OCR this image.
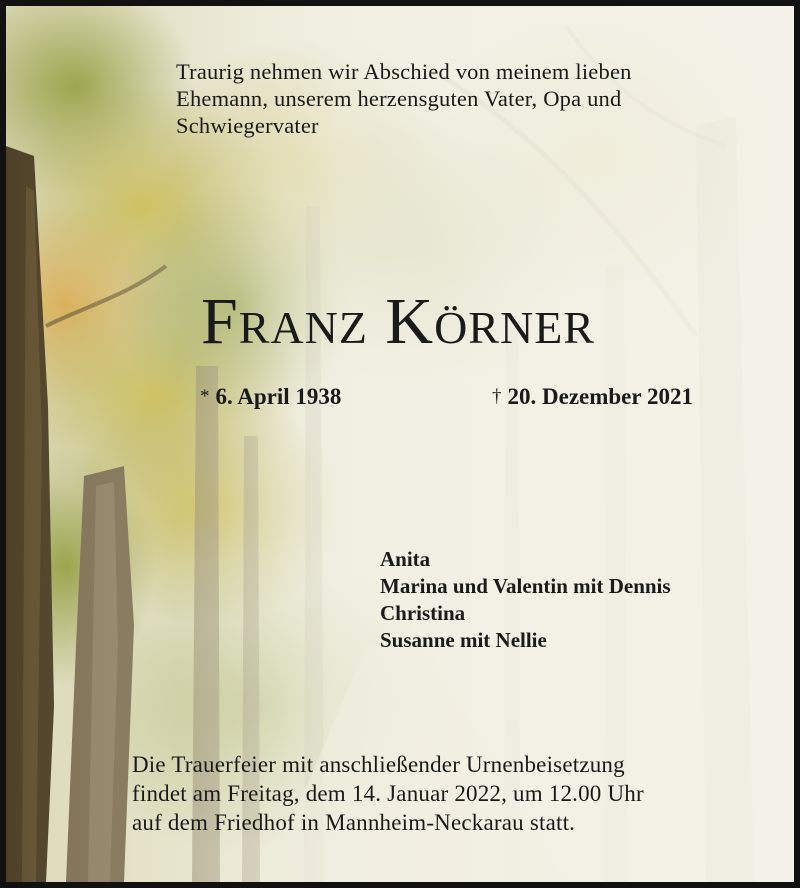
Traurig nehmen wir Abschied von meinem lieben
Ehemann, unserem herzensguten Vater, Opa und
Schwiegervater
Franz Körner
* 6. April 1938	† 20. Dezember 2021
Anita
Marina und Valentin mit Dennis
Christina
Susanne mit Nellie
Die Trauerfeier mit anschließender Urnenbeisetzung
findet am Freitag, dem 14. Januar 2022, um 12.00 Uhr
auf dem Friedhof in Mannheim-Neckarau statt.
